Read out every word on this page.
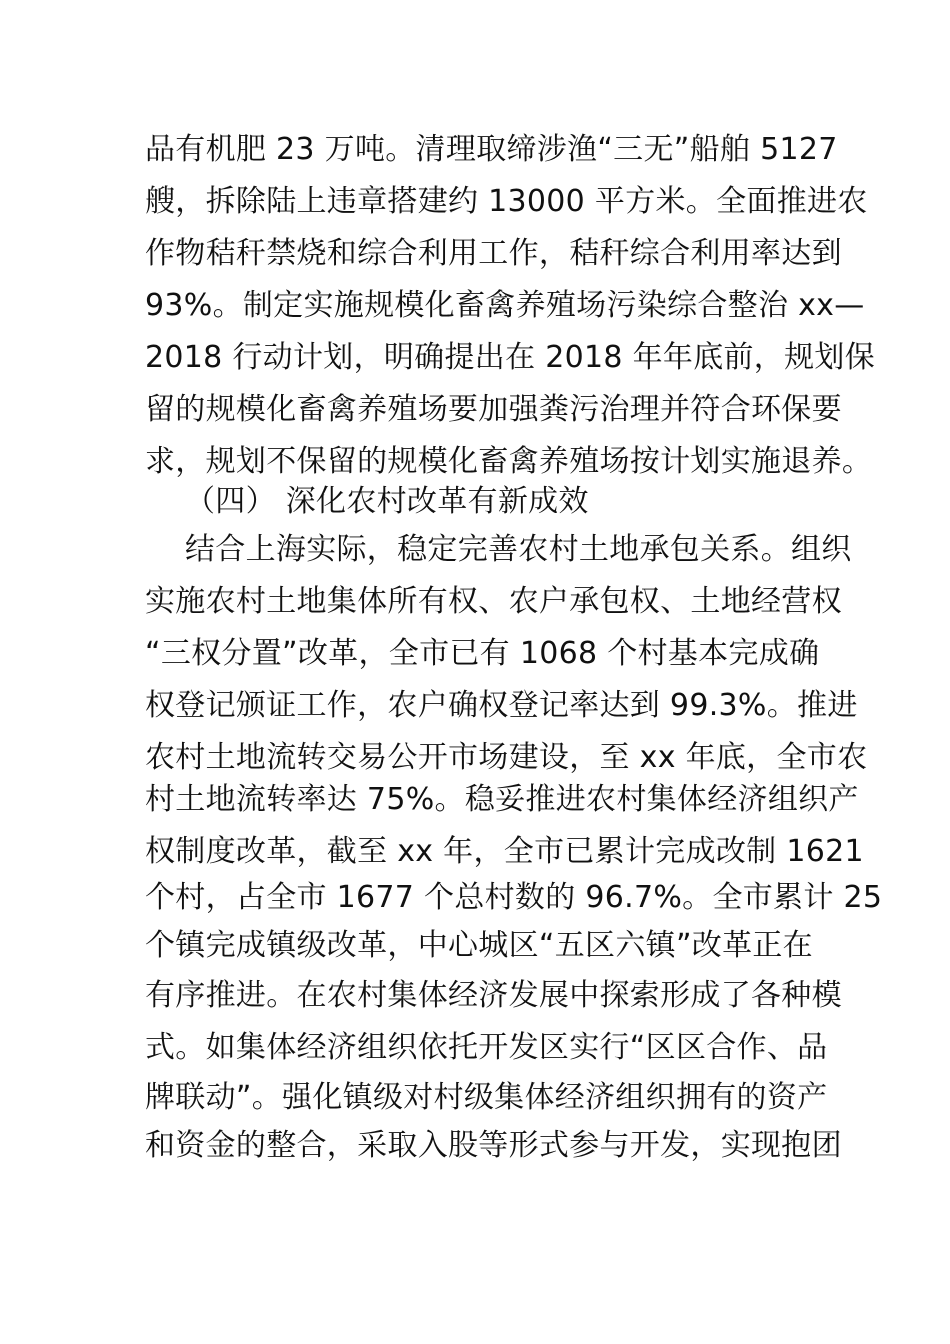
品有机肥 23 万吨。清理取缔涉渔“三无”船舶 5127
艘，拆除陆上违章搭建约 13000 平方米。全面推进农
作物秸秆禁烧和综合利用工作，秸秆综合利用率达到
93%。制定实施规模化畜禽养殖场污染综合整治 xx—
2018 行动计划，明确提出在 2018 年年底前，规划保
留的规模化畜禽养殖场要加强粪污治理并符合环保要
求，规划不保留的规模化畜禽养殖场按计划实施退养。
（四） 深化农村改革有新成效
结合上海实际，稳定完善农村土地承包关系。组织
实施农村土地集体所有权、农户承包权、土地经营权
“三权分置”改革，全市已有 1068 个村基本完成确
权登记颁证工作，农户确权登记率达到 99.3%。推进
农村土地流转交易公开市场建设，至 xx 年底，全市农
村土地流转率达 75%。稳妥推进农村集体经济组织产
权制度改革，截至 xx 年，全市已累计完成改制 1621
个村，占全市 1677 个总村数的 96.7%。全市累计 25
个镇完成镇级改革，中心城区“五区六镇”改革正在
有序推进。在农村集体经济发展中探索形成了各种模
式。如集体经济组织依托开发区实行“区区合作、品
牌联动”。强化镇级对村级集体经济组织拥有的资产
和资金的整合，采取入股等形式参与开发，实现抱团
